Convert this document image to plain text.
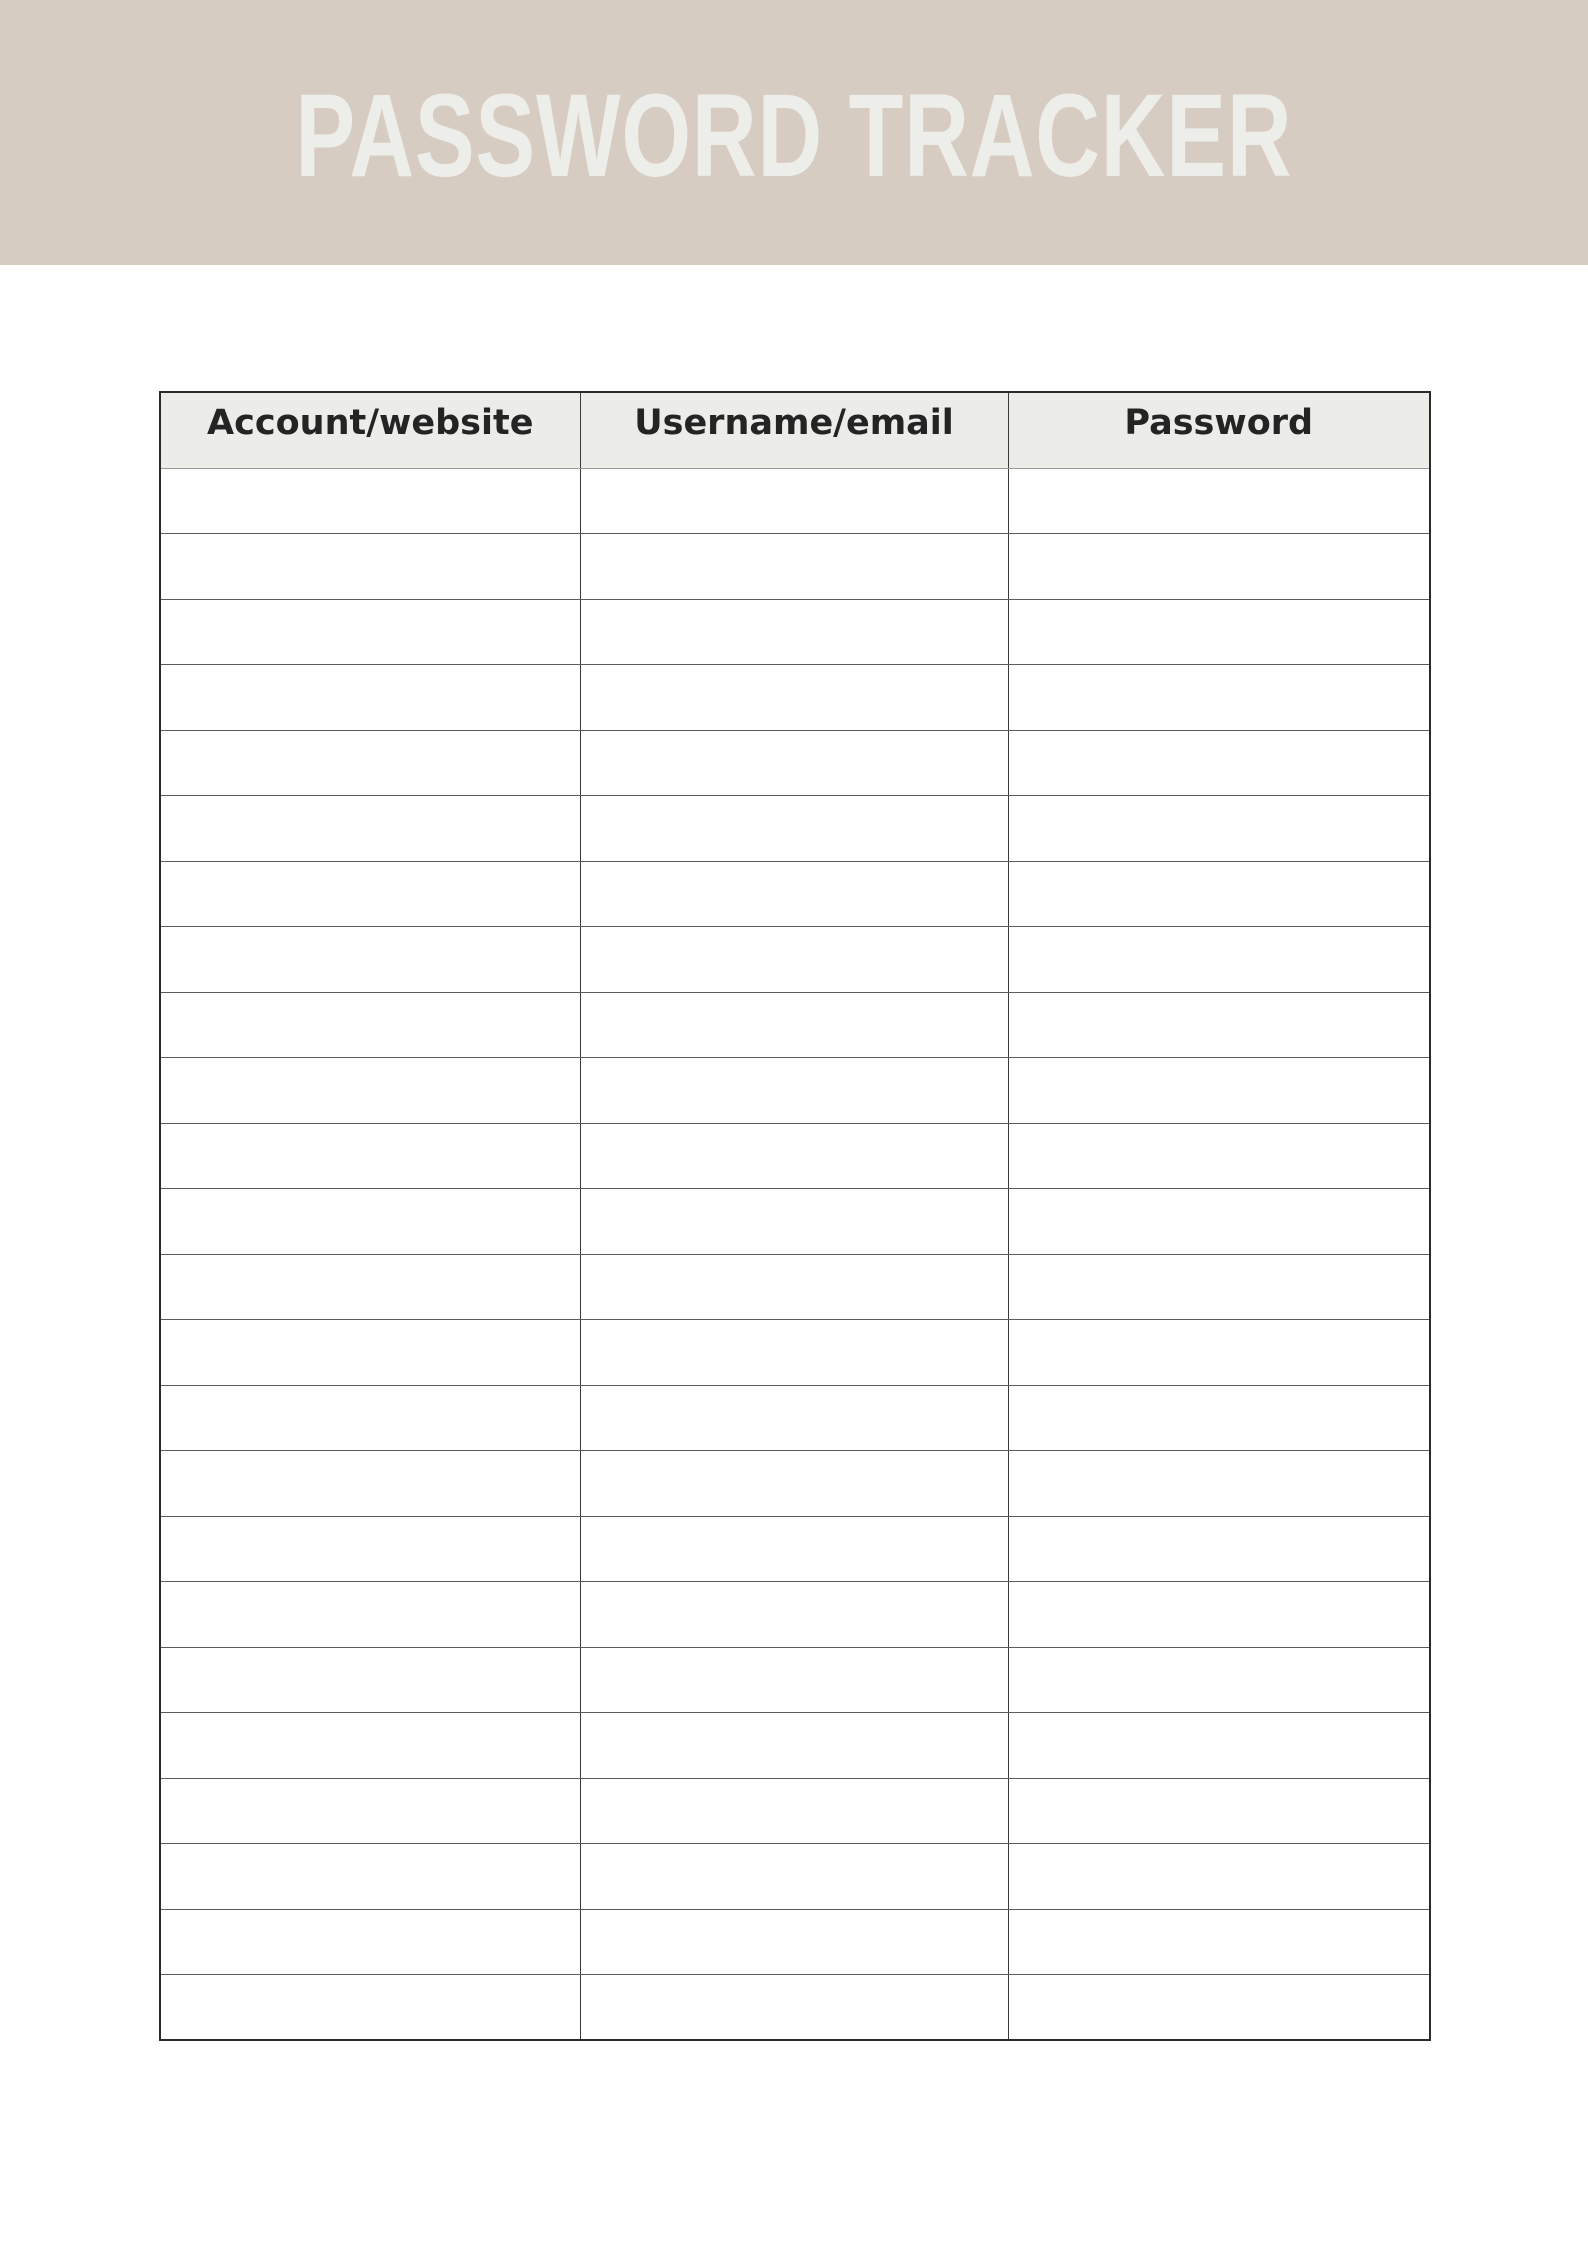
PASSWORD TRACKER
Account/website	Username/email	Password
